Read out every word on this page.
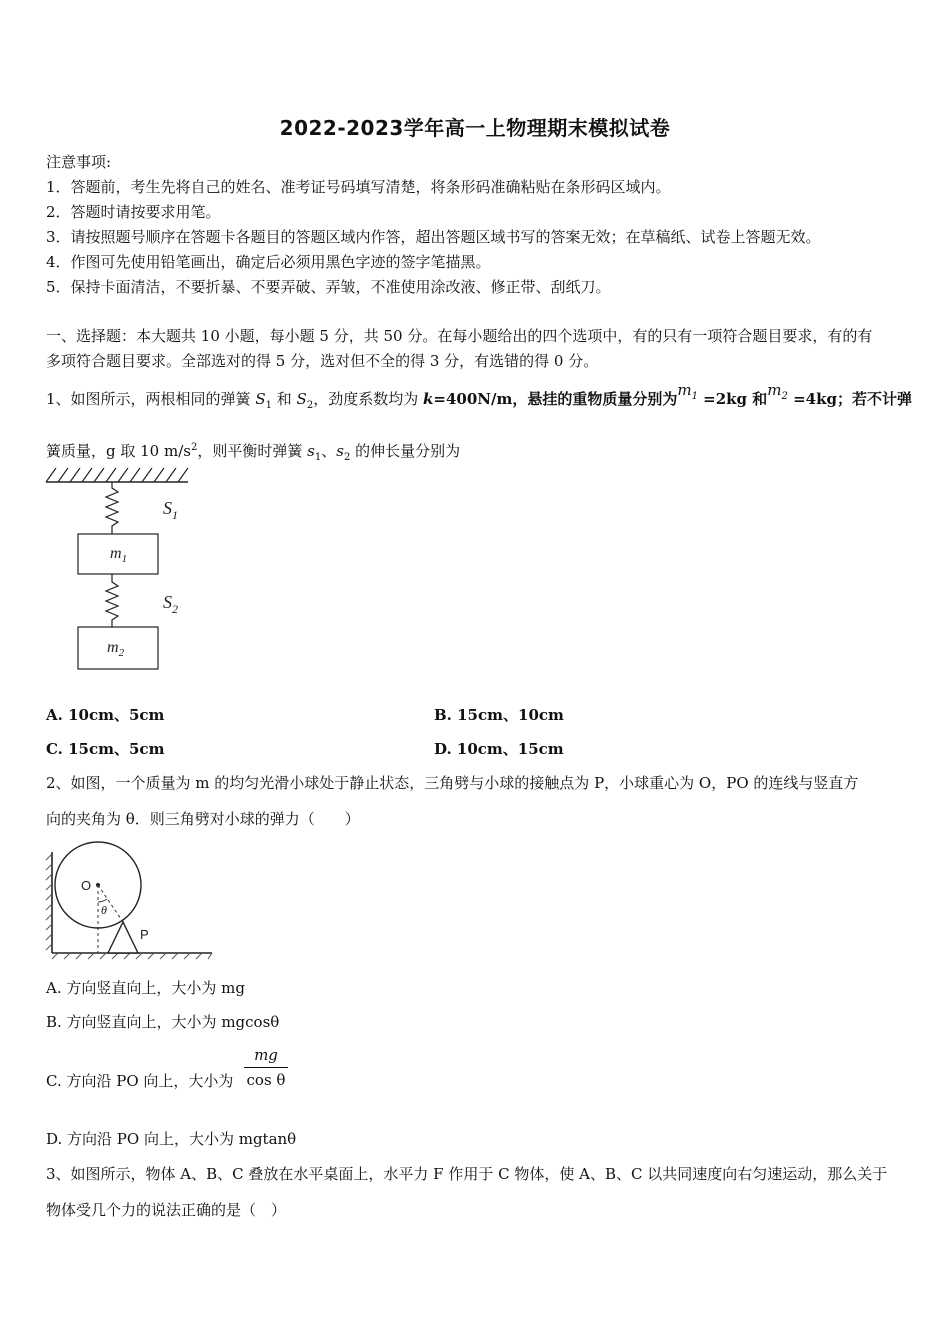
2022-2023学年高一上物理期末模拟试卷
注意事项:
1．答题前，考生先将自己的姓名、准考证号码填写清楚，将条形码准确粘贴在条形码区域内。
2．答题时请按要求用笔。
3．请按照题号顺序在答题卡各题目的答题区域内作答，超出答题区域书写的答案无效；在草稿纸、试卷上答题无效。
4．作图可先使用铅笔画出，确定后必须用黑色字迹的签字笔描黑。
5．保持卡面清洁，不要折暴、不要弄破、弄皱，不准使用涂改液、修正带、刮纸刀。
一、选择题：本大题共 10 小题，每小题 5 分，共 50 分。在每小题给出的四个选项中，有的只有一项符合题目要求，有的有
多项符合题目要求。全部选对的得 5 分，选对但不全的得 3 分，有选错的得 0 分。
1、如图所示，两根相同的弹簧 $S_1$ 和 $S_2$，劲度系数均为 k=400N/m，悬挂的重物质量分别为$m_1 =2kg$ 和$m_2 =4kg$；若不计弹
簧质量，g 取 10 $m/s^2$，则平衡时弹簧 $s_1$、$s_2$ 的伸长量分别为
$S_1$
$m_1$
$S_2$
$m_2$
A. 10cm、5cm	B. 15cm、10cm
C. 15cm、5cm	D. 10cm、15cm
2、如图，一个质量为 m 的均匀光滑小球处于静止状态，三角劈与小球的接触点为 P，小球重心为 O，PO 的连线与竖直方
向的夹角为 θ．则三角劈对小球的弹力（　　）
O
θ
P
A. 方向竖直向上，大小为 mg
B. 方向竖直向上，大小为 mgcosθ
C. 方向沿 PO 向上，大小为
mg
cos θ
D. 方向沿 PO 向上，大小为 mgtanθ
3、如图所示，物体 A、B、C 叠放在水平桌面上，水平力 F 作用于 C 物体，使 A、B、C 以共同速度向右匀速运动，那么关于
物体受几个力的说法正确的是（　）
